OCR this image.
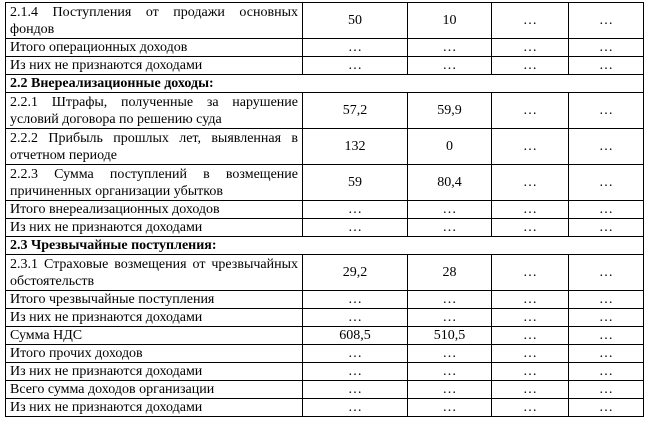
2.1.4 Поступления от продажи основных фондов	50	10	…	…
Итого операционных доходов	…	…	…	…
Из них не признаются доходами	…	…	…	…
2.2 Внереализационные доходы:				
2.2.1 Штрафы, полученные за нарушение условий договора по решению суда	57,2	59,9	…	…
2.2.2 Прибыль прошлых лет, выявленная в отчетном периоде	132	0	…	…
2.2.3 Сумма поступлений в возмещение причиненных организации убытков	59	80,4	…	…
Итого внереализационных доходов	…	…	…	…
Из них не признаются доходами	…	…	…	…
2.3 Чрезвычайные поступления:				
2.3.1 Страховые возмещения от чрезвычайных обстоятельств	29,2	28	…	…
Итого чрезвычайные поступления	…	…	…	…
Из них не признаются доходами	…	…	…	…
Сумма НДС	608,5	510,5	…	…
Итого прочих доходов	…	…	…	…
Из них не признаются доходами	…	…	…	…
Всего сумма доходов организации	…	…	…	…
Из них не признаются доходами	…	…	…	…
